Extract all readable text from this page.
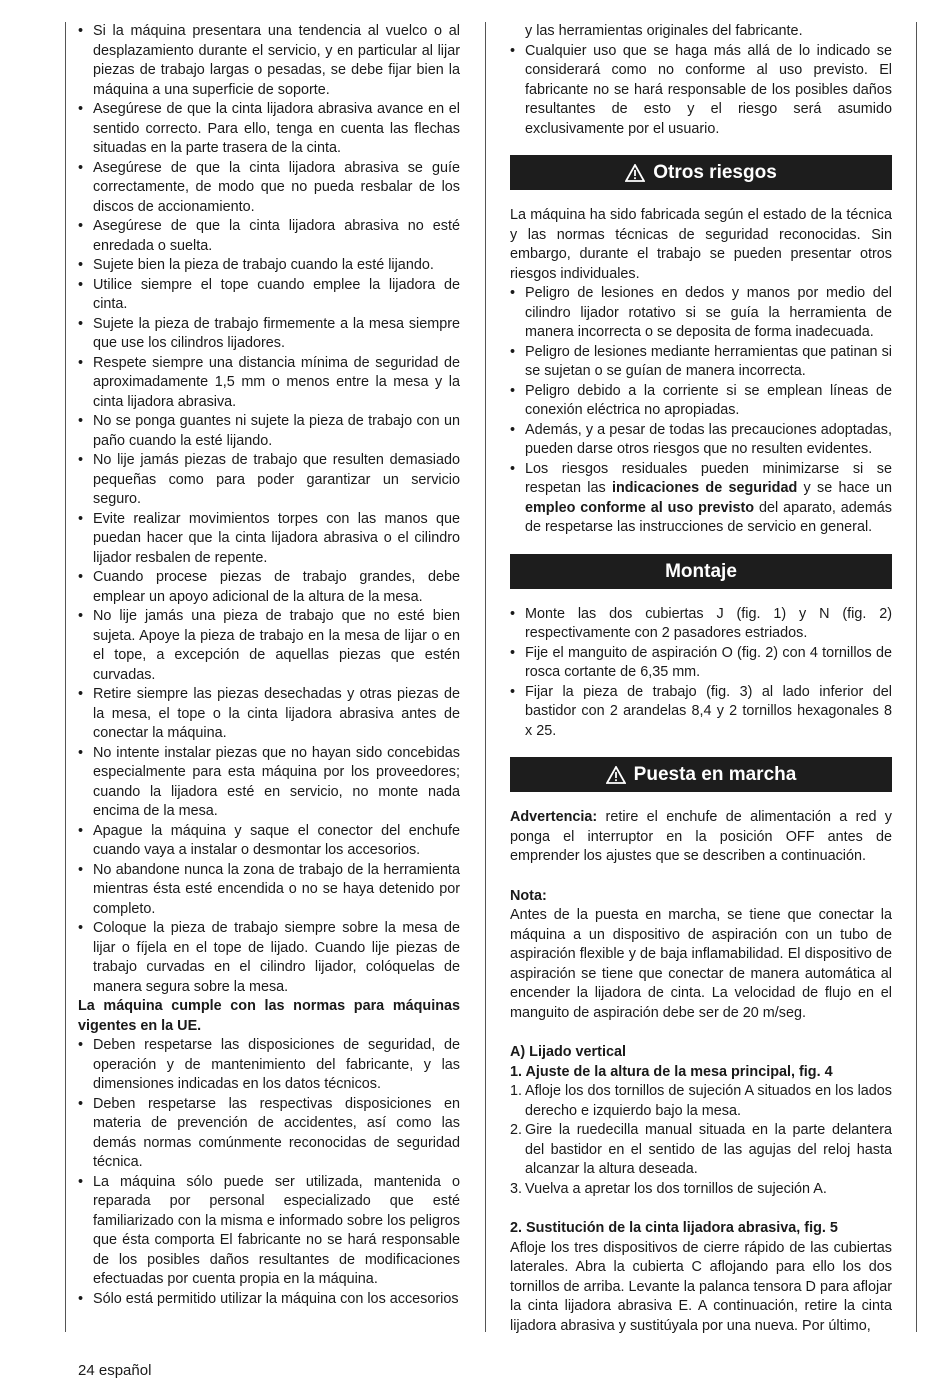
• Si la máquina presentara una tendencia al vuelco o al desplazamiento durante el servicio, y en particular al lijar piezas de trabajo largas o pesadas, se debe fijar bien la máquina a una superficie de soporte.
• Asegúrese de que la cinta lijadora abrasiva avance en el sentido correcto. Para ello, tenga en cuenta las flechas situadas en la parte trasera de la cinta.
• Asegúrese de que la cinta lijadora abrasiva se guíe correctamente, de modo que no pueda resbalar de los discos de accionamiento.
• Asegúrese de que la cinta lijadora abrasiva no esté enredada o suelta.
• Sujete bien la pieza de trabajo cuando la esté lijando.
• Utilice siempre el tope cuando emplee la lijadora de cinta.
• Sujete la pieza de trabajo firmemente a la mesa siempre que use los cilindros lijadores.
• Respete siempre una distancia mínima de seguridad de aproximadamente 1,5 mm o menos entre la mesa y la cinta lijadora abrasiva.
• No se ponga guantes ni sujete la pieza de trabajo con un paño cuando la esté lijando.
• No lije jamás piezas de trabajo que resulten demasiado pequeñas como para poder garantizar un servicio seguro.
• Evite realizar movimientos torpes con las manos que puedan hacer que la cinta lijadora abrasiva o el cilindro lijador resbalen de repente.
• Cuando procese piezas de trabajo grandes, debe emplear un apoyo adicional de la altura de la mesa.
• No lije jamás una pieza de trabajo que no esté bien sujeta. Apoye la pieza de trabajo en la mesa de lijar o en el tope, a excepción de aquellas piezas que estén curvadas.
• Retire siempre las piezas desechadas y otras piezas de la mesa, el tope o la cinta lijadora abrasiva antes de conectar la máquina.
• No intente instalar piezas que no hayan sido concebidas especialmente para esta máquina por los proveedores; cuando la lijadora esté en servicio, no monte nada encima de la mesa.
• Apague la máquina y saque el conector del enchufe cuando vaya a instalar o desmontar los accesorios.
• No abandone nunca la zona de trabajo de la herramienta mientras ésta esté encendida o no se haya detenido por completo.
• Coloque la pieza de trabajo siempre sobre la mesa de lijar o fíjela en el tope de lijado. Cuando lije piezas de trabajo curvadas en el cilindro lijador, colóquelas de manera segura sobre la mesa.

La máquina cumple con las normas para máquinas vigentes en la UE.

• Deben respetarse las disposiciones de seguridad, de operación y de mantenimiento del fabricante, y las dimensiones indicadas en los datos técnicos.
• Deben respetarse las respectivas disposiciones en materia de prevención de accidentes, así como las demás normas comúnmente reconocidas de seguridad técnica.
• La máquina sólo puede ser utilizada, mantenida o reparada por personal especializado que esté familiarizado con la misma e informado sobre los peligros que ésta comporta El fabricante no se hará responsable de los posibles daños resultantes de modificaciones efectuadas por cuenta propia en la máquina.
• Sólo está permitido utilizar la máquina con los accesorios

y las herramientas originales del fabricante.

• Cualquier uso que se haga más allá de lo indicado se considerará como no conforme al uso previsto. El fabricante no se hará responsable de los posibles daños resultantes de esto y el riesgo será asumido exclusivamente por el usuario.
Otros riesgos

La máquina ha sido fabricada según el estado de la técnica y las normas técnicas de seguridad reconocidas. Sin embargo, durante el trabajo se pueden presentar otros riesgos individuales.

• Peligro de lesiones en dedos y manos por medio del cilindro lijador rotativo si se guía la herramienta de manera incorrecta o se deposita de forma inadecuada.
• Peligro de lesiones mediante herramientas que patinan si se sujetan o se guían de manera incorrecta.
• Peligro debido a la corriente si se emplean líneas de conexión eléctrica no apropiadas.
• Además, y a pesar de todas las precauciones adoptadas, pueden darse otros riesgos que no resulten evidentes.
• Los riesgos residuales pueden minimizarse si se respetan las indicaciones de seguridad y se hace un empleo conforme al uso previsto del aparato, además de respetarse las instrucciones de servicio en general.
Montaje
• Monte las dos cubiertas J (fig. 1) y N (fig. 2) respectivamente con 2 pasadores estriados.
• Fije el manguito de aspiración O (fig. 2) con 4 tornillos de rosca cortante de 6,35 mm.
• Fijar la pieza de trabajo (fig. 3) al lado inferior del bastidor con 2 arandelas 8,4 y 2 tornillos hexagonales 8 x 25.
Puesta en marcha

Advertencia: retire el enchufe de alimentación a red y ponga el interruptor en la posición OFF antes de emprender los ajustes que se describen a continuación.

Nota:

Antes de la puesta en marcha, se tiene que conectar la máquina a un dispositivo de aspiración con un tubo de aspiración flexible y de baja inflamabilidad. El dispositivo de aspiración se tiene que conectar de manera automática al encender la lijadora de cinta. La velocidad de flujo en el manguito de aspiración debe ser de 20 m/seg.

A) Lijado vertical

1. Ajuste de la altura de la mesa principal, fig. 4

1. Afloje los dos tornillos de sujeción A situados en los lados derecho e izquierdo bajo la mesa.
2. Gire la ruedecilla manual situada en la parte delantera del bastidor en el sentido de las agujas del reloj hasta alcanzar la altura deseada.
3. Vuelva a apretar los dos tornillos de sujeción A.

2. Sustitución de la cinta lijadora abrasiva, fig. 5

Afloje los tres dispositivos de cierre rápido de las cubiertas laterales. Abra la cubierta C aflojando para ello los dos tornillos de arriba. Levante la palanca tensora D para aflojar la cinta lijadora abrasiva E. A continuación, retire la cinta lijadora abrasiva y sustitúyala por una nueva. Por último,

24 español
